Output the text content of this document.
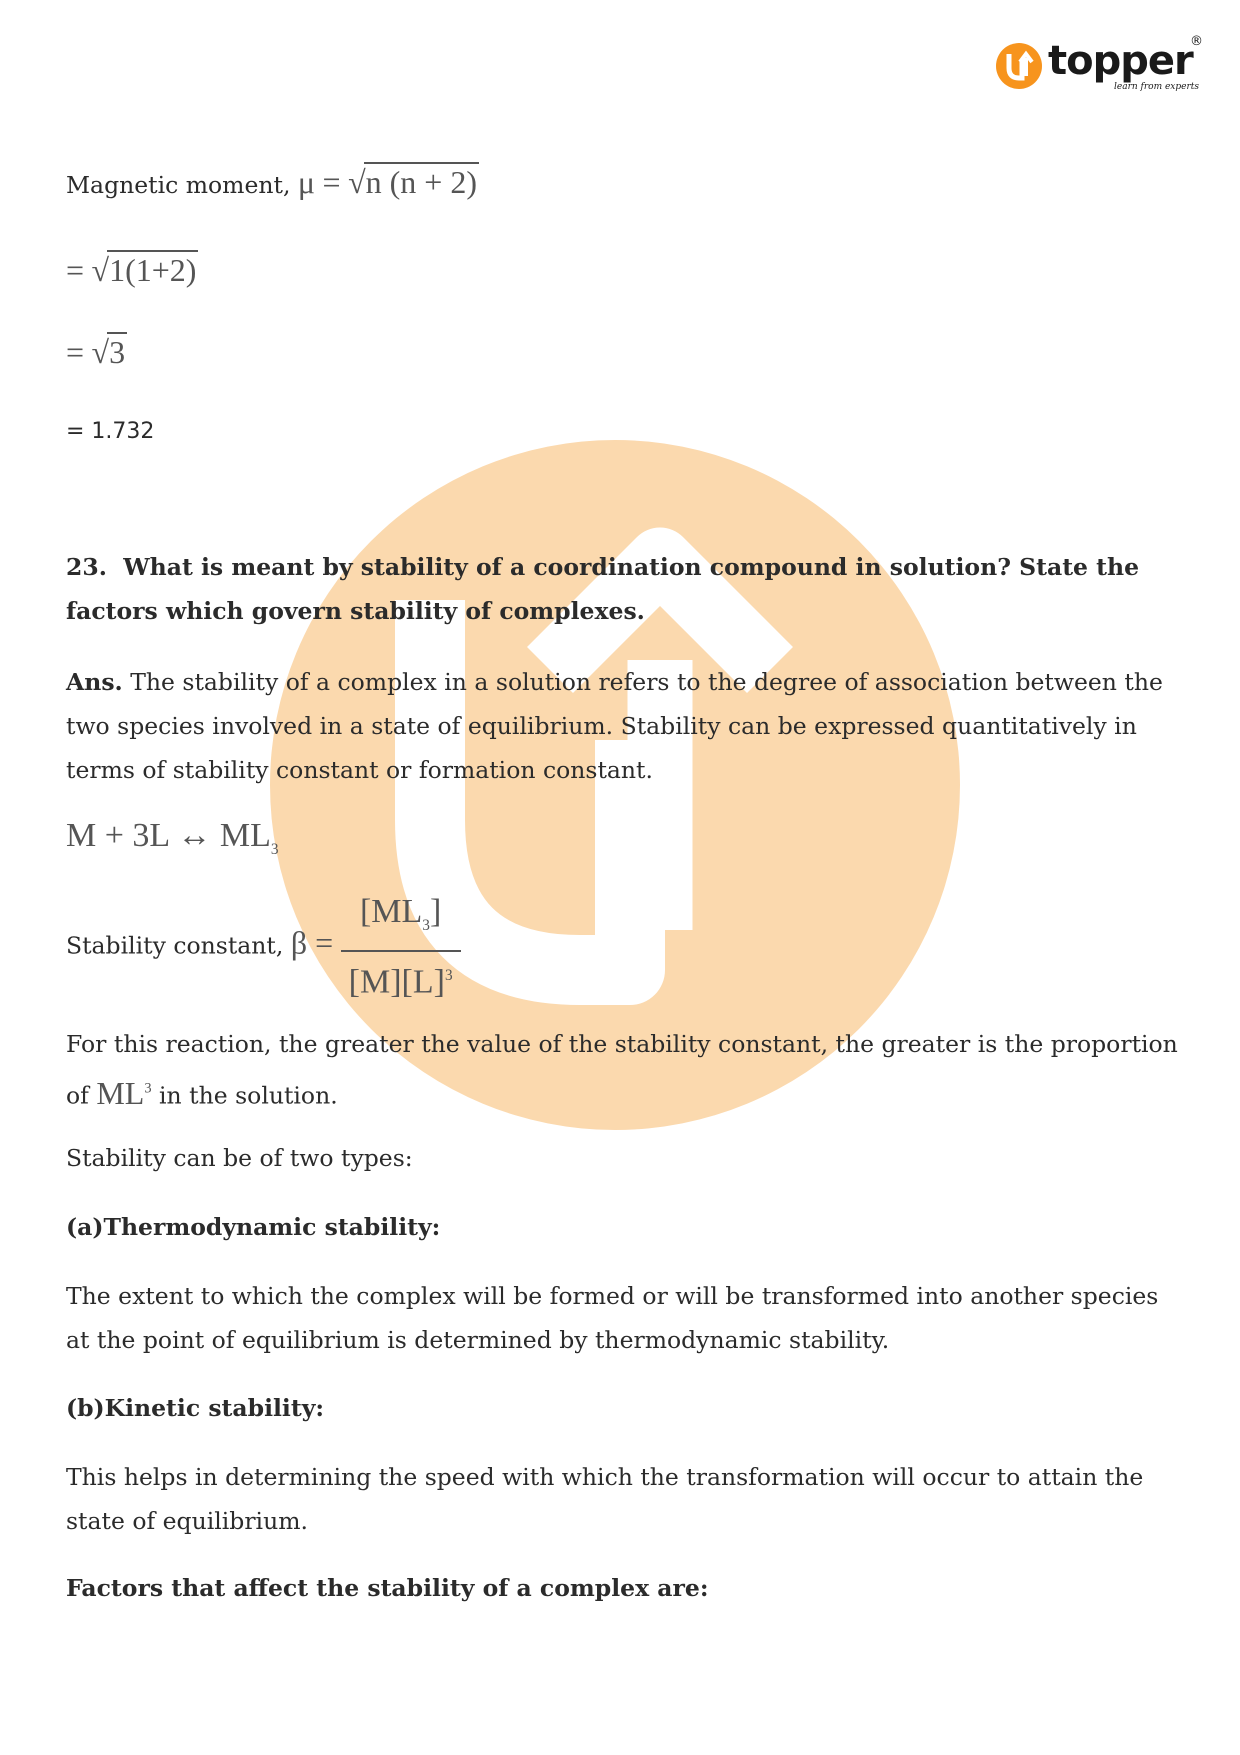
topper
®
learn from experts
Magnetic moment, μ = √n (n + 2)
= √1(1+2)
= √3
= 1.732
23. What is meant by stability of a coordination compound in solution? State the factors which govern stability of complexes.
Ans. The stability of a complex in a solution refers to the degree of association between the two species involved in a state of equilibrium. Stability can be expressed quantitatively in terms of stability constant or formation constant.
M + 3L ↔ $ML_3$
Stability constant, $\beta = \frac{[ML_3]}{[M][L]^3}$
For this reaction, the greater the value of the stability constant, the greater is the proportion
of $ML^3$ in the solution.
Stability can be of two types:
(a)Thermodynamic stability:
The extent to which the complex will be formed or will be transformed into another species at the point of equilibrium is determined by thermodynamic stability.
(b)Kinetic stability:
This helps in determining the speed with which the transformation will occur to attain the state of equilibrium.
Factors that affect the stability of a complex are:
